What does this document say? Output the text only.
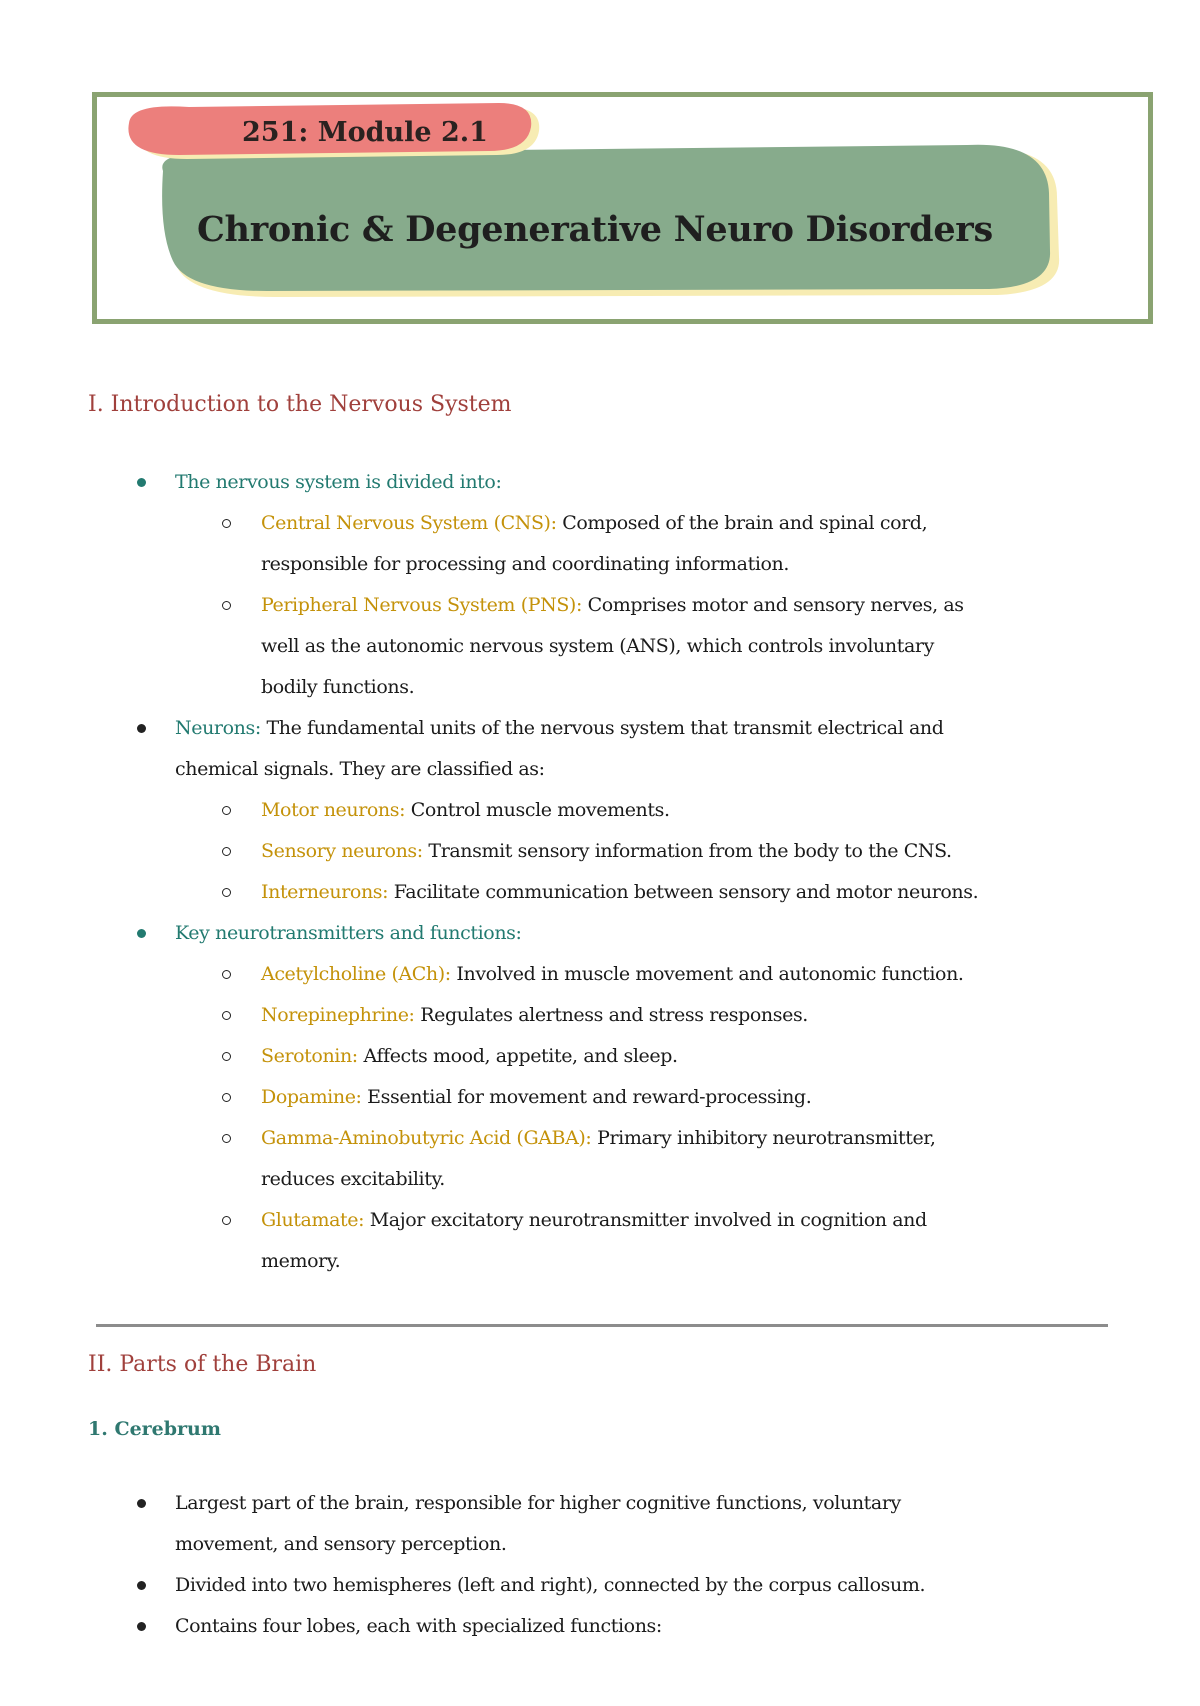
251: Module 2.1
Chronic & Degenerative Neuro Disorders
I. Introduction to the Nervous System
The nervous system is divided into:
Central Nervous System (CNS): Composed of the brain and spinal cord,
responsible for processing and coordinating information.
Peripheral Nervous System (PNS): Comprises motor and sensory nerves, as
well as the autonomic nervous system (ANS), which controls involuntary
bodily functions.
Neurons: The fundamental units of the nervous system that transmit electrical and
chemical signals. They are classified as:
Motor neurons: Control muscle movements.
Sensory neurons: Transmit sensory information from the body to the CNS.
Interneurons: Facilitate communication between sensory and motor neurons.
Key neurotransmitters and functions:
Acetylcholine (ACh): Involved in muscle movement and autonomic function.
Norepinephrine: Regulates alertness and stress responses.
Serotonin: Affects mood, appetite, and sleep.
Dopamine: Essential for movement and reward-processing.
Gamma-Aminobutyric Acid (GABA): Primary inhibitory neurotransmitter,
reduces excitability.
Glutamate: Major excitatory neurotransmitter involved in cognition and
memory.
II. Parts of the Brain
1. Cerebrum
Largest part of the brain, responsible for higher cognitive functions, voluntary
movement, and sensory perception.
Divided into two hemispheres (left and right), connected by the corpus callosum.
Contains four lobes, each with specialized functions:
